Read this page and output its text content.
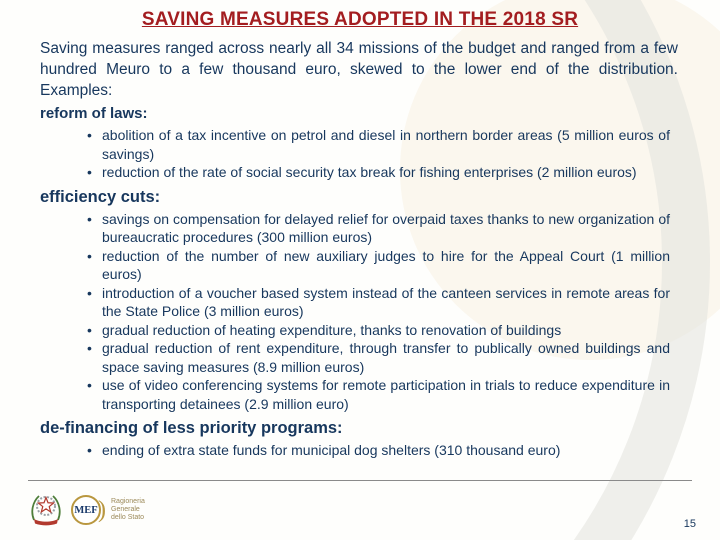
SAVING MEASURES ADOPTED IN THE 2018 SR

Saving measures ranged across nearly all 34 missions of the budget and ranged from a few hundred Meuro to a few thousand euro, skewed to the lower end of the distribution. Examples:

reform of laws:
• abolition of a tax incentive on petrol and diesel in northern border areas (5 million euros of savings)
• reduction of the rate of social security tax break for fishing enterprises (2 million euros)
efficiency cuts:
• savings on compensation for delayed relief for overpaid taxes thanks to new organization of bureaucratic procedures (300 million euros)
• reduction of the number of new auxiliary judges to hire for the Appeal Court (1 million euros)
• introduction of a voucher based system instead of the canteen services in remote areas for the State Police (3 million euros)
• gradual reduction of heating expenditure, thanks to renovation of buildings
• gradual reduction of rent expenditure, through transfer to publically owned buildings and space saving measures (8.9 million euros)
• use of video conferencing systems for remote participation in trials to reduce expenditure in transporting detainees (2.9 million euro)
de-financing of less priority programs:
• ending of extra state funds for municipal dog shelters (310 thousand euro)
MEF ) Ragioneria
Generale
dello Stato
15
